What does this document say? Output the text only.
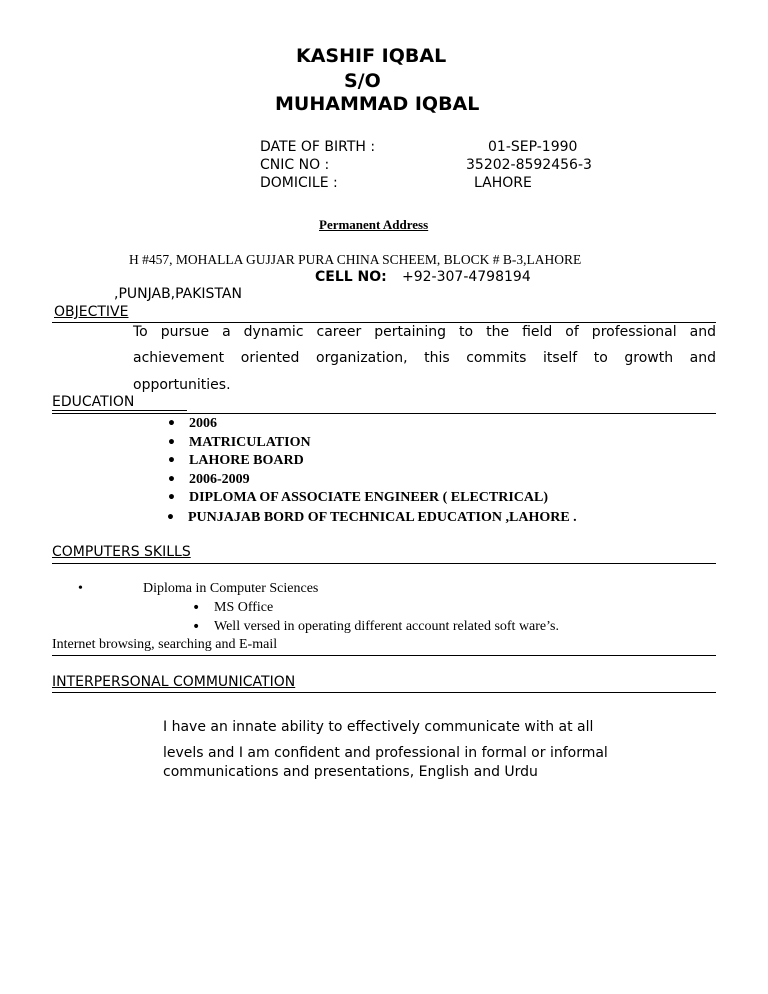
KASHIF IQBAL
S/O
MUHAMMAD IQBAL
DATE OF BIRTH :	01-SEP-1990
CNIC NO :	35202-8592456-3
DOMICILE :	LAHORE
Permanent Address
H #457, MOHALLA GUJJAR PURA CHINA SCHEEM, BLOCK # B-3,LAHORE
CELL NO: +92-307-4798194
,PUNJAB,PAKISTAN
OBJECTIVE
To pursue a dynamic career pertaining to the field of professional and
achievement oriented organization, this commits itself to growth and
opportunities.
EDUCATION
• 2006
• MATRICULATION
• LAHORE BOARD
• 2006-2009
• DIPLOMA OF ASSOCIATE ENGINEER ( ELECTRICAL)
• PUNJAJAB BORD OF TECHNICAL EDUCATION ,LAHORE .
COMPUTERS SKILLS
•	Diploma in Computer Sciences
• MS Office
• Well versed in operating different account related soft ware’s.
Internet browsing, searching and E-mail
INTERPERSONAL COMMUNICATION
I have an innate ability to effectively communicate with at all
levels and I am confident and professional in formal or informal
communications and presentations, English and Urdu
